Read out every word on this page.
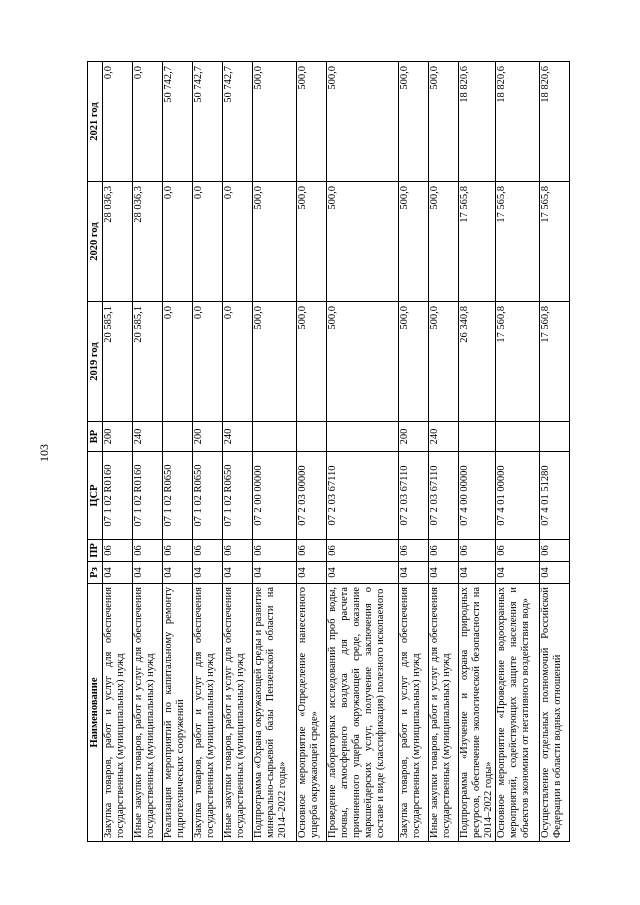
103
Наименование	Рз	ПР	ЦСР	ВР	2019 год	2020 год	2021 год
Закупка товаров, работ и услуг для обеспечения государственных (муниципальных) нужд	04	06	07 1 02 R0160	200	20 585,1	28 036,3	0,0
Иные закупки товаров, работ и услуг для обеспечения государственных (муниципальных) нужд	04	06	07 1 02 R0160	240	20 585,1	28 036,3	0,0
Реализация мероприятий по капитальному ремонту гидротехнических сооружений	04	06	07 1 02 R0650		0,0	0,0	50 742,7
Закупка товаров, работ и услуг для обеспечения государственных (муниципальных) нужд	04	06	07 1 02 R0650	200	0,0	0,0	50 742,7
Иные закупки товаров, работ и услуг для обеспечения государственных (муниципальных) нужд	04	06	07 1 02 R0650	240	0,0	0,0	50 742,7
Подпрограмма «Охрана окружающей среды и развитие минерально-сырьевой базы Пензенской области на 2014–2022 годы»	04	06	07 2 00 00000		500,0	500,0	500,0
Основное мероприятие «Определение нанесенного ущерба окружающей среде»	04	06	07 2 03 00000		500,0	500,0	500,0
Проведение лабораторных исследований проб воды, почвы, атмосферного воздуха для расчета причиненного ущерба окружающей среде, оказание маркшейдерских услуг, получение заключения о составе и виде (классификация) полезного ископаемого	04	06	07 2 03 67110		500,0	500,0	500,0
Закупка товаров, работ и услуг для обеспечения государственных (муниципальных) нужд	04	06	07 2 03 67110	200	500,0	500,0	500,0
Иные закупки товаров, работ и услуг для обеспечения государственных (муниципальных) нужд	04	06	07 2 03 67110	240	500,0	500,0	500,0
Подпрограмма «Изучение и охрана природных ресурсов, обеспечение экологической безопасности на 2014–2022 годы»	04	06	07 4 00 00000		26 340,8	17 565,8	18 820,6
Основное мероприятие «Проведение водоохранных мероприятий, содействующих защите населения и объектов экономики от негативного воздействия вод»	04	06	07 4 01 00000		17 560,8	17 565,8	18 820,6
Осуществление отдельных полномочий Российской Федерации в области водных отношений	04	06	07 4 01 51280		17 560,8	17 565,8	18 820,6
